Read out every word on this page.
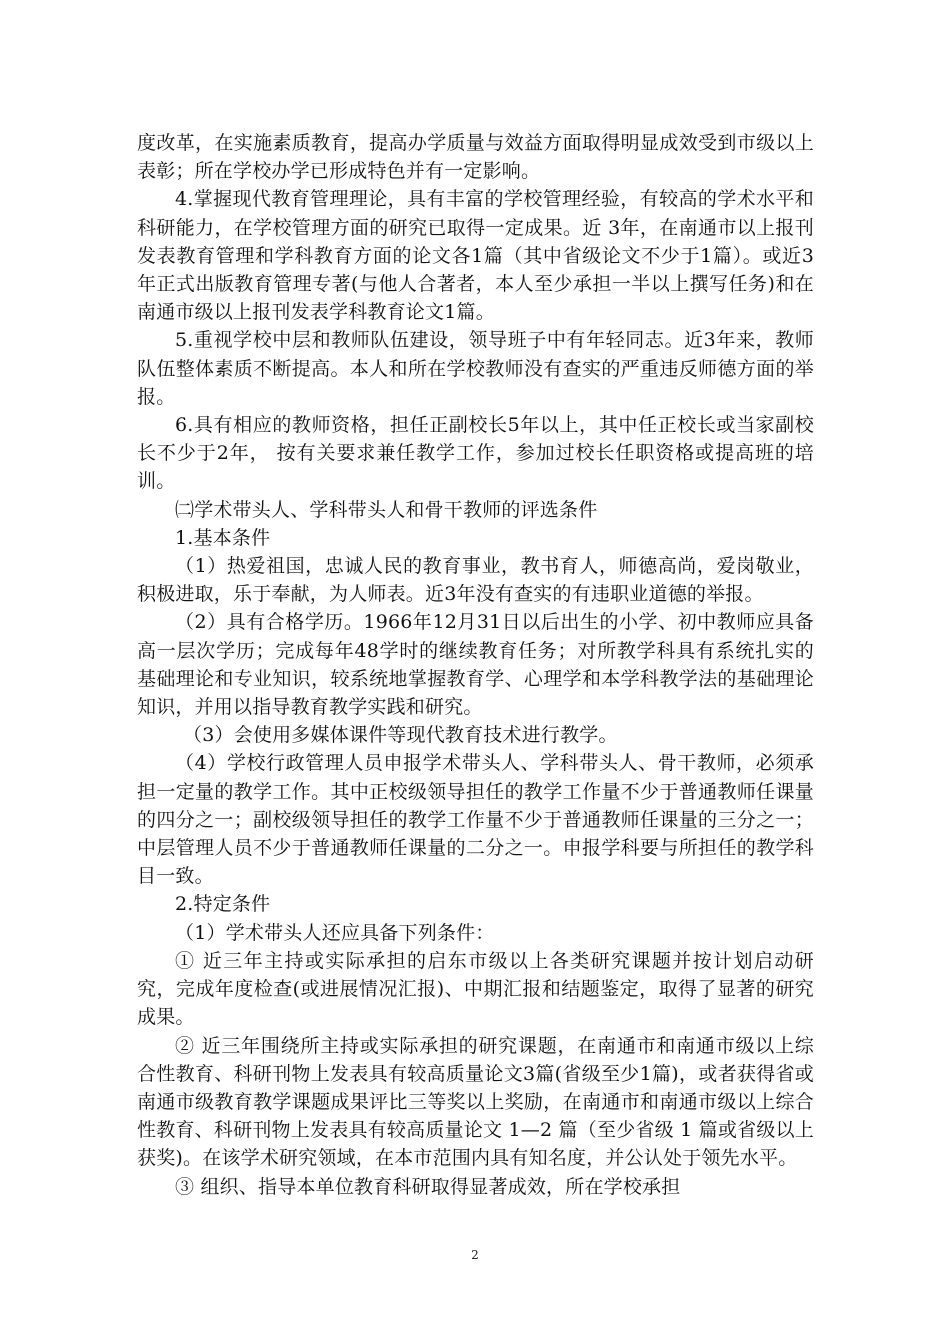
度改革，在实施素质教育，提高办学质量与效益方面取得明显成效受到市级以上表彰；所在学校办学已形成特色并有一定影响。

4.掌握现代教育管理理论，具有丰富的学校管理经验，有较高的学术水平和科研能力，在学校管理方面的研究已取得一定成果。近 3年，在南通市以上报刊发表教育管理和学科教育方面的论文各1篇（其中省级论文不少于1篇）。或近3年正式出版教育管理专著(与他人合著者，本人至少承担一半以上撰写任务)和在南通市级以上报刊发表学科教育论文1篇。

5.重视学校中层和教师队伍建设，领导班子中有年轻同志。近3年来，教师队伍整体素质不断提高。本人和所在学校教师没有查实的严重违反师德方面的举报。

6.具有相应的教师资格，担任正副校长5年以上，其中任正校长或当家副校长不少于2年， 按有关要求兼任教学工作，参加过校长任职资格或提高班的培训。

㈡学术带头人、学科带头人和骨干教师的评选条件

1.基本条件

（1）热爱祖国，忠诚人民的教育事业，教书育人，师德高尚，爱岗敬业，积极进取，乐于奉献，为人师表。近3年没有查实的有违职业道德的举报。

（2）具有合格学历。1966年12月31日以后出生的小学、初中教师应具备高一层次学历；完成每年48学时的继续教育任务；对所教学科具有系统扎实的基础理论和专业知识，较系统地掌握教育学、心理学和本学科教学法的基础理论知识，并用以指导教育教学实践和研究。

（3）会使用多媒体课件等现代教育技术进行教学。

（4）学校行政管理人员申报学术带头人、学科带头人、骨干教师，必须承担一定量的教学工作。其中正校级领导担任的教学工作量不少于普通教师任课量的四分之一；副校级领导担任的教学工作量不少于普通教师任课量的三分之一；中层管理人员不少于普通教师任课量的二分之一。申报学科要与所担任的教学科目一致。

2.特定条件

（1）学术带头人还应具备下列条件：

① 近三年主持或实际承担的启东市级以上各类研究课题并按计划启动研究，完成年度检查(或进展情况汇报)、中期汇报和结题鉴定，取得了显著的研究成果。

② 近三年围绕所主持或实际承担的研究课题，在南通市和南通市级以上综合性教育、科研刊物上发表具有较高质量论文3篇(省级至少1篇)，或者获得省或南通市级教育教学课题成果评比三等奖以上奖励，在南通市和南通市级以上综合性教育、科研刊物上发表具有较高质量论文 1—2 篇（至少省级 1 篇或省级以上获奖)。在该学术研究领域，在本市范围内具有知名度，并公认处于领先水平。

③ 组织、指导本单位教育科研取得显著成效，所在学校承担

2
